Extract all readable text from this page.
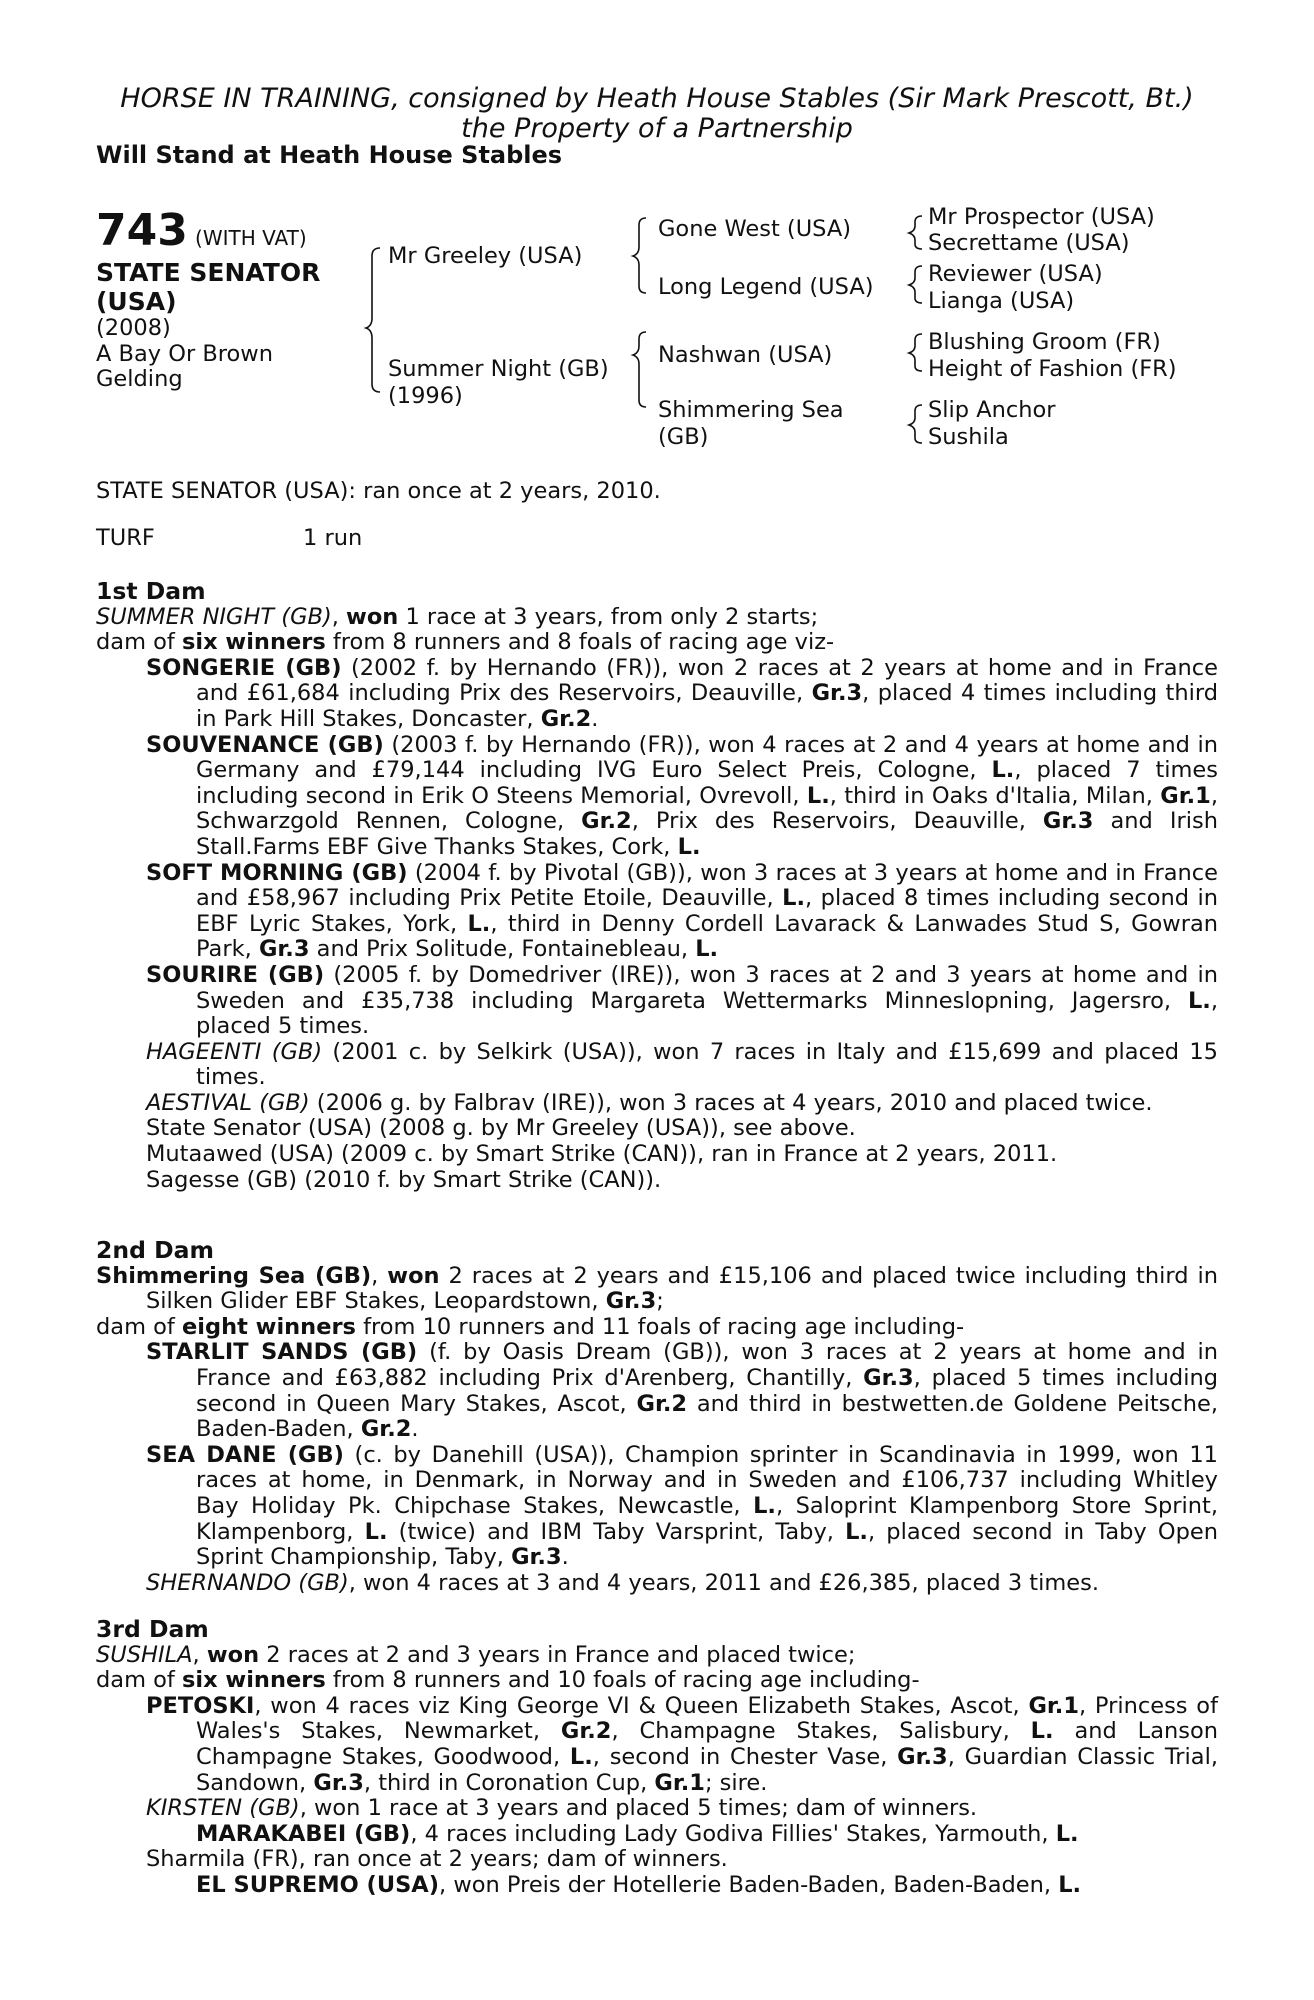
HORSE IN TRAINING, consigned by Heath House Stables (Sir Mark Prescott, Bt.)
the Property of a Partnership
Will Stand at Heath House Stables
743 (WITH VAT)
STATE SENATOR
(USA)
(2008)
A Bay Or Brown
Gelding
Mr Greeley (USA)
Summer Night (GB)
(1996)
Gone West (USA)
Long Legend (USA)
Nashwan (USA)
Shimmering Sea
(GB)
Mr Prospector (USA)
Secrettame (USA)
Reviewer (USA)
Lianga (USA)
Blushing Groom (FR)
Height of Fashion (FR)
Slip Anchor
Sushila
STATE SENATOR (USA): ran once at 2 years, 2010.
TURF	1 run
1st Dam

SUMMER NIGHT (GB), won 1 race at 3 years, from only 2 starts;

dam of six winners from 8 runners and 8 foals of racing age viz-

SONGERIE (GB) (2002 f. by Hernando (FR)), won 2 races at 2 years at home and in France and £61,684 including Prix des Reservoirs, Deauville, Gr.3, placed 4 times including third in Park Hill Stakes, Doncaster, Gr.2.

SOUVENANCE (GB) (2003 f. by Hernando (FR)), won 4 races at 2 and 4 years at home and in Germany and £79,144 including IVG Euro Select Preis, Cologne, L., placed 7 times including second in Erik O Steens Memorial, Ovrevoll, L., third in Oaks d'Italia, Milan, Gr.1, Schwarzgold Rennen, Cologne, Gr.2, Prix des Reservoirs, Deauville, Gr.3 and Irish Stall.Farms EBF Give Thanks Stakes, Cork, L.

SOFT MORNING (GB) (2004 f. by Pivotal (GB)), won 3 races at 3 years at home and in France and £58,967 including Prix Petite Etoile, Deauville, L., placed 8 times including second in EBF Lyric Stakes, York, L., third in Denny Cordell Lavarack & Lanwades Stud S, Gowran Park, Gr.3 and Prix Solitude, Fontainebleau, L.

SOURIRE (GB) (2005 f. by Domedriver (IRE)), won 3 races at 2 and 3 years at home and in Sweden and £35,738 including Margareta Wettermarks Minneslopning, Jagersro, L., placed 5 times.

HAGEENTI (GB) (2001 c. by Selkirk (USA)), won 7 races in Italy and £15,699 and placed 15 times.

AESTIVAL (GB) (2006 g. by Falbrav (IRE)), won 3 races at 4 years, 2010 and placed twice.

State Senator (USA) (2008 g. by Mr Greeley (USA)), see above.

Mutaawed (USA) (2009 c. by Smart Strike (CAN)), ran in France at 2 years, 2011.

Sagesse (GB) (2010 f. by Smart Strike (CAN)).

2nd Dam

Shimmering Sea (GB), won 2 races at 2 years and £15,106 and placed twice including third in Silken Glider EBF Stakes, Leopardstown, Gr.3;

dam of eight winners from 10 runners and 11 foals of racing age including-

STARLIT SANDS (GB) (f. by Oasis Dream (GB)), won 3 races at 2 years at home and in France and £63,882 including Prix d'Arenberg, Chantilly, Gr.3, placed 5 times including second in Queen Mary Stakes, Ascot, Gr.2 and third in bestwetten.de Goldene Peitsche, Baden-Baden, Gr.2.

SEA DANE (GB) (c. by Danehill (USA)), Champion sprinter in Scandinavia in 1999, won 11 races at home, in Denmark, in Norway and in Sweden and £106,737 including Whitley Bay Holiday Pk. Chipchase Stakes, Newcastle, L., Saloprint Klampenborg Store Sprint, Klampenborg, L. (twice) and IBM Taby Varsprint, Taby, L., placed second in Taby Open Sprint Championship, Taby, Gr.3.

SHERNANDO (GB), won 4 races at 3 and 4 years, 2011 and £26,385, placed 3 times.

3rd Dam

SUSHILA, won 2 races at 2 and 3 years in France and placed twice;

dam of six winners from 8 runners and 10 foals of racing age including-

PETOSKI, won 4 races viz King George VI & Queen Elizabeth Stakes, Ascot, Gr.1, Princess of Wales's Stakes, Newmarket, Gr.2, Champagne Stakes, Salisbury, L. and Lanson Champagne Stakes, Goodwood, L., second in Chester Vase, Gr.3, Guardian Classic Trial, Sandown, Gr.3, third in Coronation Cup, Gr.1; sire.

KIRSTEN (GB), won 1 race at 3 years and placed 5 times; dam of winners.

MARAKABEI (GB), 4 races including Lady Godiva Fillies' Stakes, Yarmouth, L.

Sharmila (FR), ran once at 2 years; dam of winners.

EL SUPREMO (USA), won Preis der Hotellerie Baden-Baden, Baden-Baden, L.
